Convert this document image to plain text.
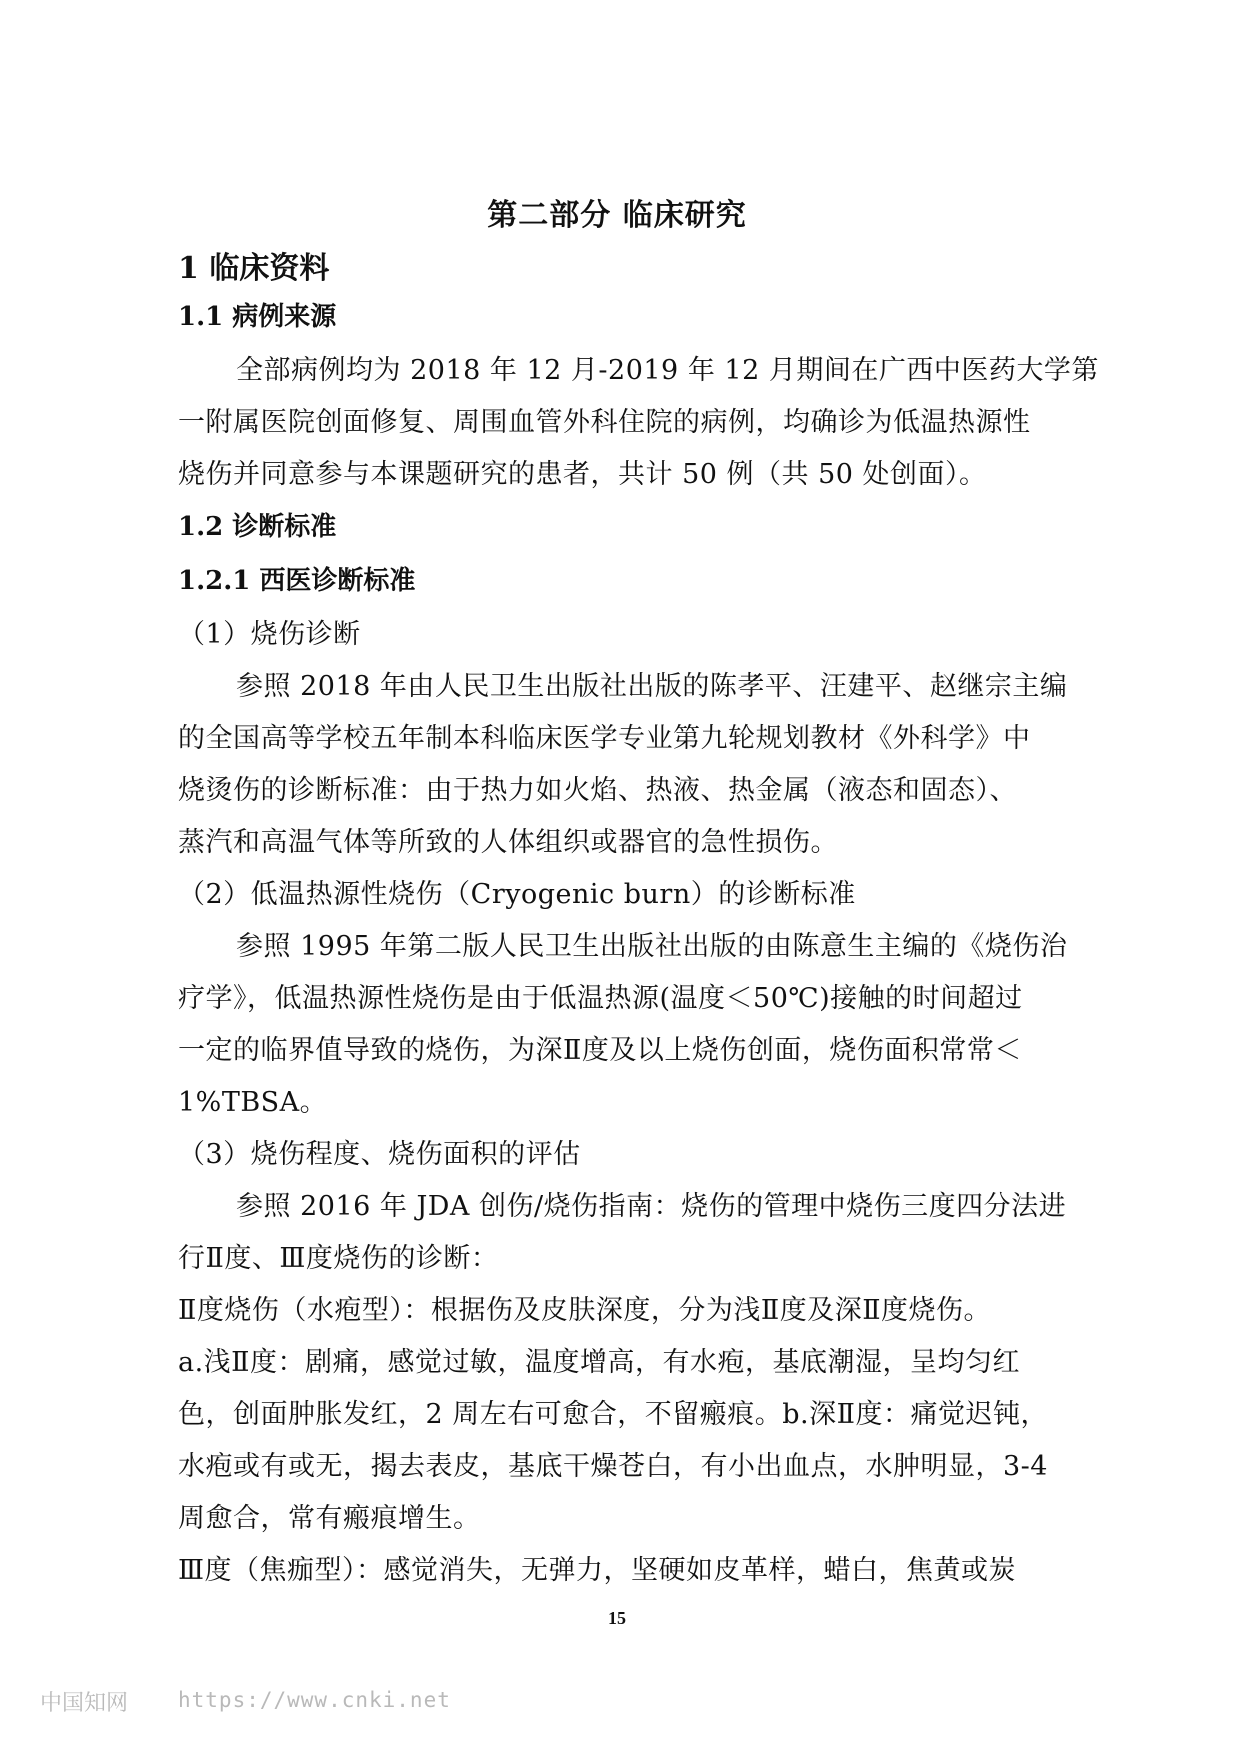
第二部分 临床研究
1 临床资料
1.1 病例来源
全部病例均为 2018 年 12 月-2019 年 12 月期间在广西中医药大学第
一附属医院创面修复、周围血管外科住院的病例，均确诊为低温热源性
烧伤并同意参与本课题研究的患者，共计 50 例（共 50 处创面）。
1.2 诊断标准
1.2.1 西医诊断标准
（1）烧伤诊断
参照 2018 年由人民卫生出版社出版的陈孝平、汪建平、赵继宗主编
的全国高等学校五年制本科临床医学专业第九轮规划教材《外科学》中
烧烫伤的诊断标准：由于热力如火焰、热液、热金属（液态和固态）、
蒸汽和高温气体等所致的人体组织或器官的急性损伤。
（2）低温热源性烧伤（Cryogenic burn）的诊断标准
参照 1995 年第二版人民卫生出版社出版的由陈意生主编的《烧伤治
疗学》，低温热源性烧伤是由于低温热源(温度＜50℃)接触的时间超过
一定的临界值导致的烧伤，为深Ⅱ度及以上烧伤创面，烧伤面积常常＜
1%TBSA。
（3）烧伤程度、烧伤面积的评估
参照 2016 年 JDA 创伤/烧伤指南：烧伤的管理中烧伤三度四分法进
行Ⅱ度、Ⅲ度烧伤的诊断：
Ⅱ度烧伤（水疱型）：根据伤及皮肤深度，分为浅Ⅱ度及深Ⅱ度烧伤。
a.浅Ⅱ度：剧痛，感觉过敏，温度增高，有水疱，基底潮湿，呈均匀红
色，创面肿胀发红，2 周左右可愈合，不留瘢痕。b.深Ⅱ度：痛觉迟钝，
水疱或有或无，揭去表皮，基底干燥苍白，有小出血点，水肿明显，3-4
周愈合，常有瘢痕增生。
Ⅲ度（焦痂型）：感觉消失，无弹力，坚硬如皮革样，蜡白，焦黄或炭
15
中国知网 https://www.cnki.net
